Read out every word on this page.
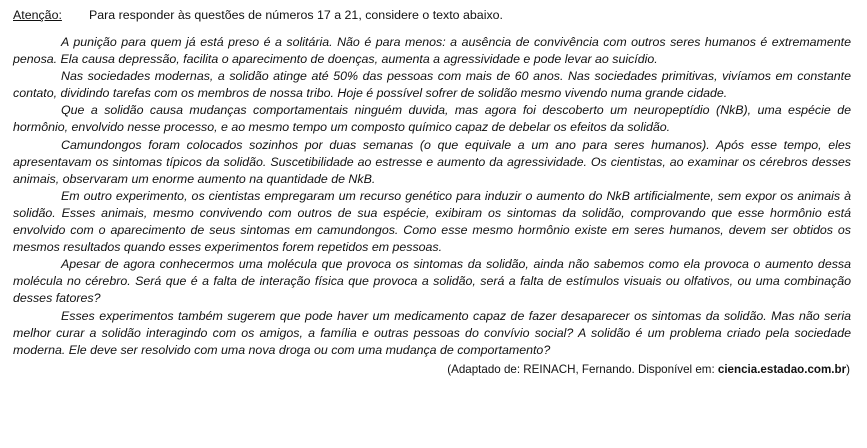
Atenção: Para responder às questões de números 17 a 21, considere o texto abaixo.

A punição para quem já está preso é a solitária. Não é para menos: a ausência de convivência com outros seres humanos é extremamente penosa. Ela causa depressão, facilita o aparecimento de doenças, aumenta a agressividade e pode levar ao suicídio.

Nas sociedades modernas, a solidão atinge até 50% das pessoas com mais de 60 anos. Nas sociedades primitivas, vivíamos em constante contato, dividindo tarefas com os membros de nossa tribo. Hoje é possível sofrer de solidão mesmo vivendo numa grande cidade.

Que a solidão causa mudanças comportamentais ninguém duvida, mas agora foi descoberto um neuropeptídio (NkB), uma espécie de hormônio, envolvido nesse processo, e ao mesmo tempo um composto químico capaz de debelar os efeitos da solidão.

Camundongos foram colocados sozinhos por duas semanas (o que equivale a um ano para seres humanos). Após esse tempo, eles apresentavam os sintomas típicos da solidão. Suscetibilidade ao estresse e aumento da agressividade. Os cientistas, ao examinar os cérebros desses animais, observaram um enorme aumento na quantidade de NkB.

Em outro experimento, os cientistas empregaram um recurso genético para induzir o aumento do NkB artificialmente, sem expor os animais à solidão. Esses animais, mesmo convivendo com outros de sua espécie, exibiram os sintomas da solidão, comprovando que esse hormônio está envolvido com o aparecimento de seus sintomas em camundongos. Como esse mesmo hormônio existe em seres humanos, devem ser obtidos os mesmos resultados quando esses experimentos forem repetidos em pessoas.

Apesar de agora conhecermos uma molécula que provoca os sintomas da solidão, ainda não sabemos como ela provoca o aumento dessa molécula no cérebro. Será que é a falta de interação física que provoca a solidão, será a falta de estímulos visuais ou olfativos, ou uma combinação desses fatores?

Esses experimentos também sugerem que pode haver um medicamento capaz de fazer desaparecer os sintomas da solidão. Mas não seria melhor curar a solidão interagindo com os amigos, a família e outras pessoas do convívio social? A solidão é um problema criado pela sociedade moderna. Ele deve ser resolvido com uma nova droga ou com uma mudança de comportamento?

(Adaptado de: REINACH, Fernando. Disponível em: ciencia.estadao.com.br)
